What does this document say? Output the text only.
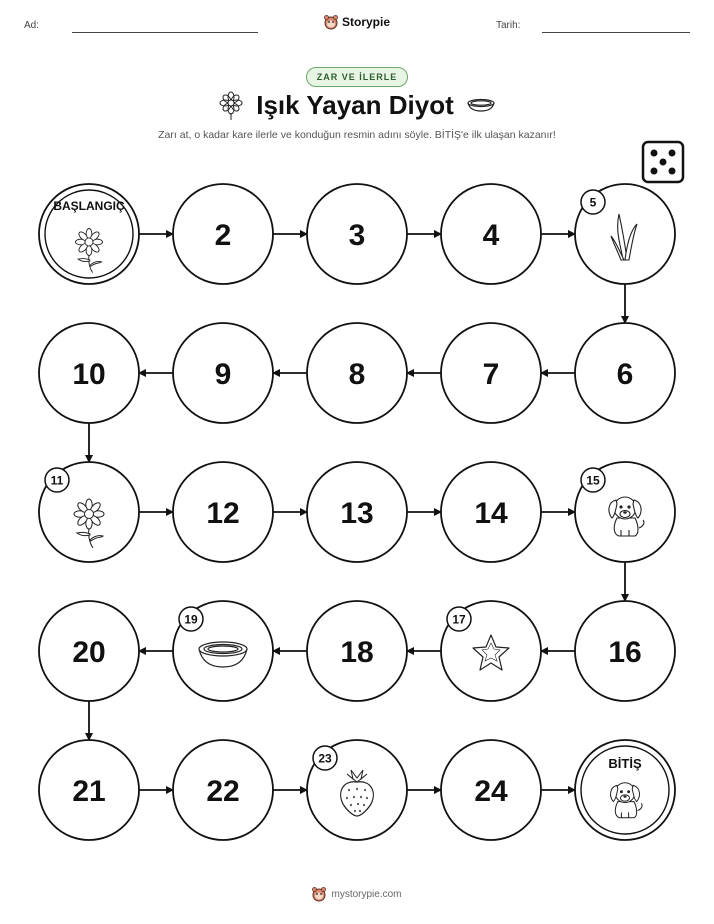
Ad:	Tarih:
Storypie
ZAR VE İLERLE
Işık Yayan Diyot
Zarı at, o kadar kare ilerle ve konduğun resmin adını söyle. BİTİŞ'e ilk ulaşan kazanır!
BAŞLANGIÇ
2	3	4
5
6
7
8
9
10
11
12	13	14
15
16
17
18
19
20
21	22
23
24
BİTİŞ
mystorypie.com
